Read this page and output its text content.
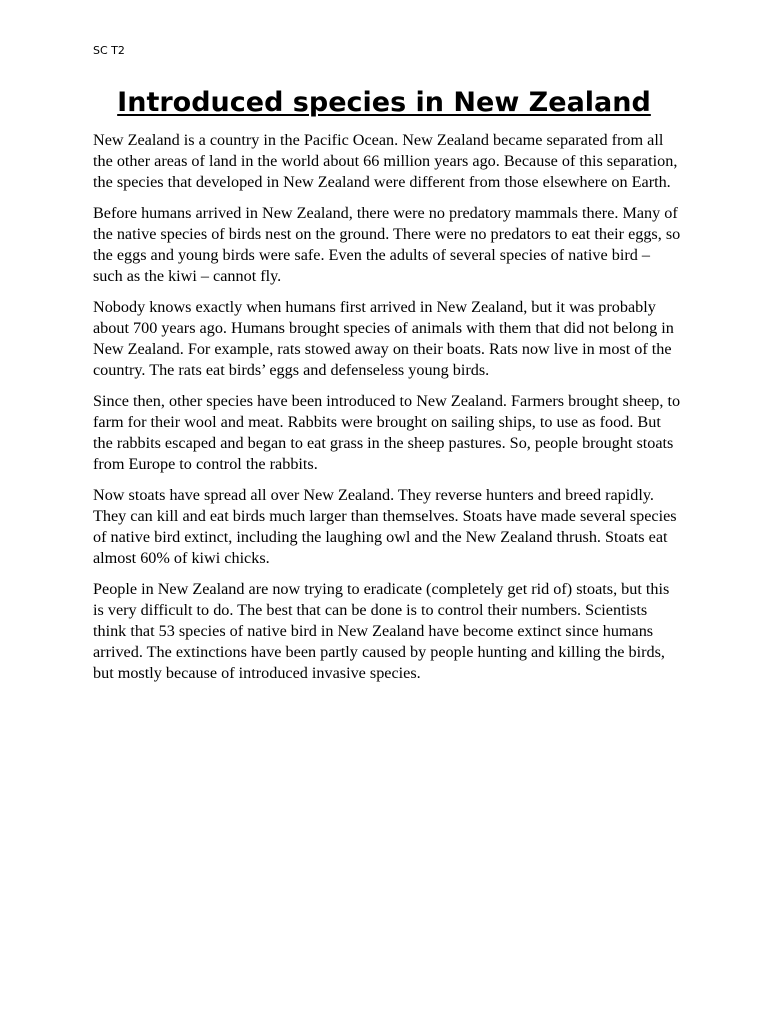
SC T2
Introduced species in New Zealand

New Zealand is a country in the Pacific Ocean. New Zealand became separated from all the other areas of land in the world about 66 million years ago. Because of this separation, the species that developed in New Zealand were different from those elsewhere on Earth.

Before humans arrived in New Zealand, there were no predatory mammals there. Many of the native species of birds nest on the ground. There were no predators to eat their eggs, so the eggs and young birds were safe. Even the adults of several species of native bird – such as the kiwi – cannot fly.

Nobody knows exactly when humans first arrived in New Zealand, but it was probably about 700 years ago. Humans brought species of animals with them that did not belong in New Zealand. For example, rats stowed away on their boats. Rats now live in most of the country. The rats eat birds’ eggs and defenseless young birds.

Since then, other species have been introduced to New Zealand. Farmers brought sheep, to farm for their wool and meat. Rabbits were brought on sailing ships, to use as food. But the rabbits escaped and began to eat grass in the sheep pastures. So, people brought stoats from Europe to control the rabbits.

Now stoats have spread all over New Zealand. They reverse hunters and breed rapidly. They can kill and eat birds much larger than themselves. Stoats have made several species of native bird extinct, including the laughing owl and the New Zealand thrush. Stoats eat almost 60% of kiwi chicks.

People in New Zealand are now trying to eradicate (completely get rid of) stoats, but this is very difficult to do. The best that can be done is to control their numbers. Scientists think that 53 species of native bird in New Zealand have become extinct since humans arrived. The extinctions have been partly caused by people hunting and killing the birds, but mostly because of introduced invasive species.
